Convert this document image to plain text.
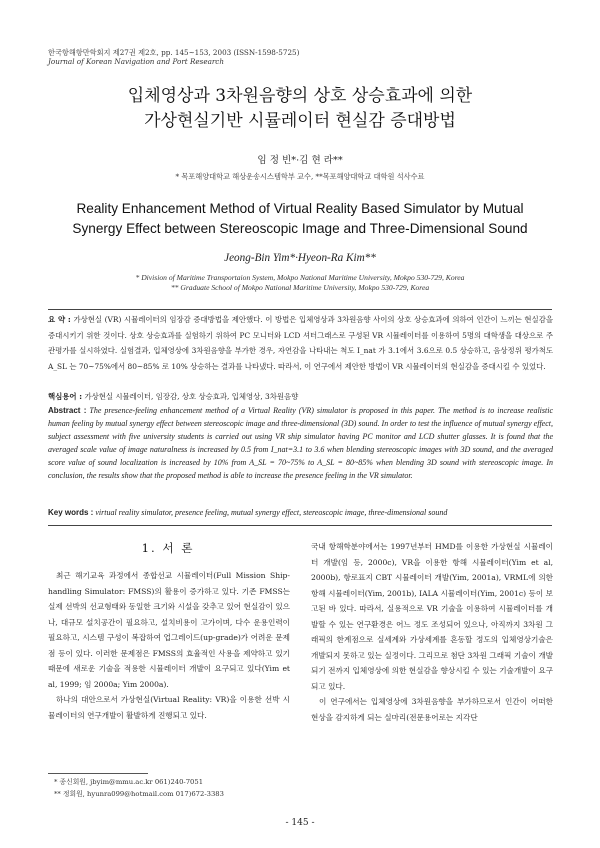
한국항해항만학회지 제27권 제2호, pp. 145~153, 2003 (ISSN-1598-5725)
Journal of Korean Navigation and Port Research
입체영상과 3차원음향의 상호 상승효과에 의한
가상현실기반 시뮬레이터 현실감 증대방법
임 정 빈*·김 현 라**
* 목포해양대학교 해상운송시스템학부 교수, **목포해양대학교 대학원 석사수료
Reality Enhancement Method of Virtual Reality Based Simulator by Mutual
Synergy Effect between Stereoscopic Image and Three-Dimensional Sound
Jeong-Bin Yim*·Hyeon-Ra Kim**
* Division of Maritime Transportaion System, Mokpo National Maritime University, Mokpo 530-729, Korea
** Graduate School of Mokpo National Maritime University, Mokpo 530-729, Korea
요 약 : 가상현실 (VR) 시뮬레이터의 임장감 증대방법을 제안했다. 이 방법은 입체영상과 3차원음향 사이의 상호 상승효과에 의하여 인간이 느끼는 현실감을 증대시키기 위한 것이다. 상호 상승효과를 실험하기 위하여 PC 모니터와 LCD 셔터그래스로 구성된 VR 시뮬레이터를 이용하여 5명의 대학생을 대상으로 주관평가를 실시하였다. 실험결과, 입체영상에 3차원음향을 부가한 경우, 자연감을 나타내는 척도 I_nat 가 3.1에서 3.6으로 0.5 상승하고, 음상정위 평가척도 A_SL 는 70~75%에서 80~85% 로 10% 상승하는 결과를 나타냈다. 따라서, 이 연구에서 제안한 방법이 VR 시뮬레이터의 현실감을 증대시킬 수 있었다.
핵심용어 : 가상현실 시뮬레이터, 임장감, 상호 상승효과, 입체영상, 3차원음향
Abstract : The presence-feeling enhancement method of a Virtual Reality (VR) simulator is proposed in this paper. The method is to increase realistic human feeling by mutual synergy effect between stereoscopic image and three-dimensional (3D) sound. In order to test the influence of mutual synergy effect, subject assessment with five university students is carried out using VR ship simulator having PC monitor and LCD shutter glasses. It is found that the averaged scale value of image naturalness is increased by 0.5 from I_nat=3.1 to 3.6 when blending stereoscopic images with 3D sound, and the averaged score value of sound localization is increased by 10% from A_SL = 70~75% to A_SL = 80~85% when blending 3D sound with stereoscopic image. In conclusion, the results show that the proposed method is able to increase the presence feeling in the VR simulator.
Key words : virtual reality simulator, presence feeling, mutual synergy effect, stereoscopic image, three-dimensional sound
1. 서 론

최근 해기교육 과정에서 종합선교 시뮬레이터(Full Mission Ship-handling Simulator: FMSS)의 활용이 증가하고 있다. 기존 FMSS는 실제 선박의 선교형태와 동일한 크기와 시설을 갖추고 있어 현실감이 있으나, 대규모 설치공간이 필요하고, 설치비용이 고가이며, 다수 운용인력이 필요하고, 시스템 구성이 복잡하여 업그레이드(up-grade)가 어려운 문제점 등이 있다. 이러한 문제점은 FMSS의 효율적인 사용을 제약하고 있기 때문에 새로운 기술을 적용한 시뮬레이터 개발이 요구되고 있다(Yim et al, 1999; 임 2000a; Yim 2000a).

하나의 대안으로서 가상현실(Virtual Reality: VR)을 이용한 선박 시뮬레이터의 연구개발이 활발하게 진행되고 있다.

국내 항해학분야에서는 1997년부터 HMD를 이용한 가상현실 시뮬레이터 개발(임 등, 2000c), VR을 이용한 항해 시뮬레이터(Yim et al, 2000b), 항로표지 CBT 시뮬레이터 개발(Yim, 2001a), VRML에 의한 항해 시뮬레이터(Yim, 2001b), IALA 시뮬레이터(Yim, 2001c) 등이 보고된 바 있다. 따라서, 실용적으로 VR 기술을 이용하여 시뮬레이터를 개발할 수 있는 연구환경은 어느 정도 조성되어 있으나, 아직까지 3차원 그래픽의 한계점으로 실세계와 가상세계를 혼동할 정도의 입체영상기술은 개발되지 못하고 있는 실정이다. 그리므로 첨단 3차원 그래픽 기술이 개발되기 전까지 입체영상에 의한 현실감을 향상시킬 수 있는 기술개발이 요구되고 있다.

이 연구에서는 입체영상에 3차원음향을 부가하므로서 인간이 어떠한 현상을 감지하게 되는 실마리(전문용어로는 지각단

* 종신회원, jbyim@mmu.ac.kr 061)240-7051
** 정회원, hyunra099@hotmail.com 017)672-3383
- 145 -
